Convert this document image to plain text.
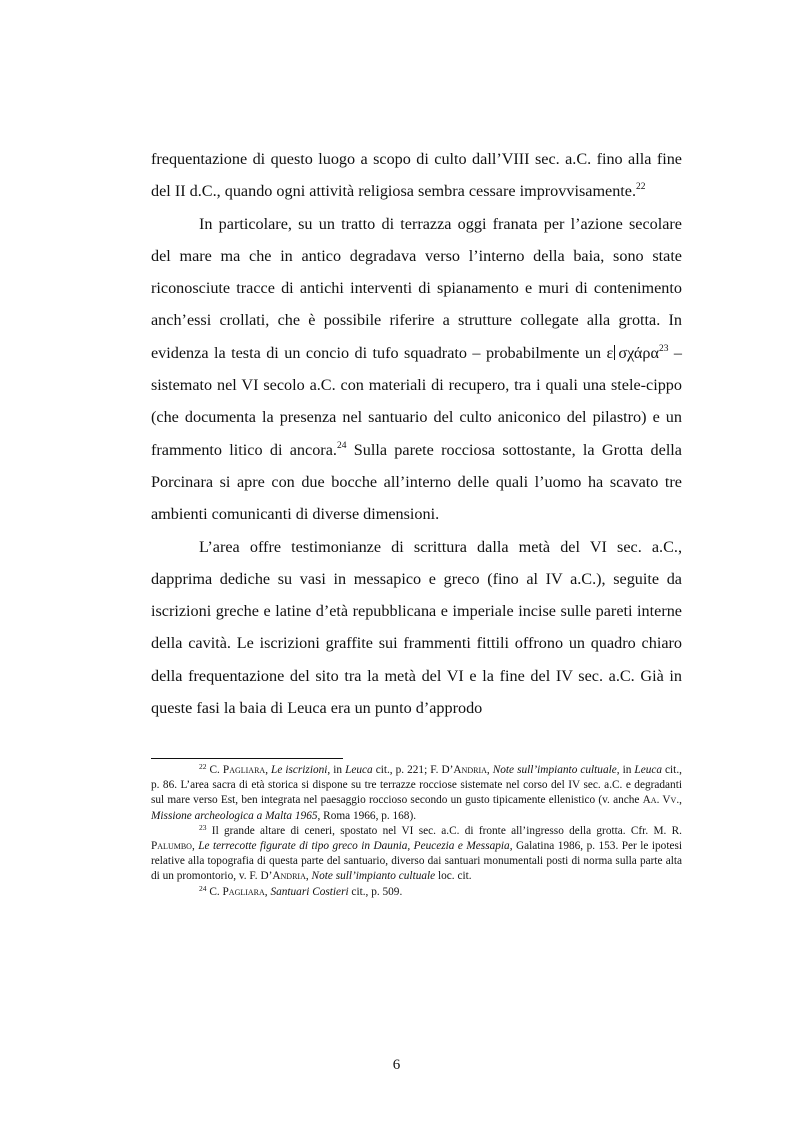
frequentazione di questo luogo a scopo di culto dall’VIII sec. a.C. fino alla fine del II d.C., quando ogni attività religiosa sembra cessare improvvisamente.$^{22}$

In particolare, su un tratto di terrazza oggi franata per l’azione secolare del mare ma che in antico degradava verso l’interno della baia, sono state riconosciute tracce di antichi interventi di spianamento e muri di contenimento anch’essi crollati, che è possibile riferire a strutture collegate alla grotta. In evidenza la testa di un concio di tufo squadrato – probabilmente un ε σχάρα$^{23}$ – sistemato nel VI secolo a.C. con materiali di recupero, tra i quali una stele-cippo (che documenta la presenza nel santuario del culto aniconico del pilastro) e un frammento litico di ancora.$^{24}$ Sulla parete rocciosa sottostante, la Grotta della Porcinara si apre con due bocche all’interno delle quali l’uomo ha scavato tre ambienti comunicanti di diverse dimensioni.

L’area offre testimonianze di scrittura dalla metà del VI sec. a.C., dapprima dediche su vasi in messapico e greco (fino al IV a.C.), seguite da iscrizioni greche e latine d’età repubblicana e imperiale incise sulle pareti interne della cavità. Le iscrizioni graffite sui frammenti fittili offrono un quadro chiaro della frequentazione del sito tra la metà del VI e la fine del IV sec. a.C. Già in queste fasi la baia di Leuca era un punto d’approdo

$^{22}$ C. Pagliara, Le iscrizioni, in Leuca cit., p. 221; F. D’Andria, Note sull’impianto cultuale, in Leuca cit., p. 86. L’area sacra di età storica si dispone su tre terrazze rocciose sistemate nel corso del IV sec. a.C. e degradanti sul mare verso Est, ben integrata nel paesaggio roccioso secondo un gusto tipicamente ellenistico (v. anche Aa. Vv., Missione archeologica a Malta 1965, Roma 1966, p. 168).

$^{23}$ Il grande altare di ceneri, spostato nel VI sec. a.C. di fronte all’ingresso della grotta. Cfr. M. R. Palumbo, Le terrecotte figurate di tipo greco in Daunia, Peucezia e Messapia, Galatina 1986, p. 153. Per le ipotesi relative alla topografia di questa parte del santuario, diverso dai santuari monumentali posti di norma sulla parte alta di un promontorio, v. F. D’Andria, Note sull’impianto cultuale loc. cit.

$^{24}$ C. Pagliara, Santuari Costieri cit., p. 509.

6
